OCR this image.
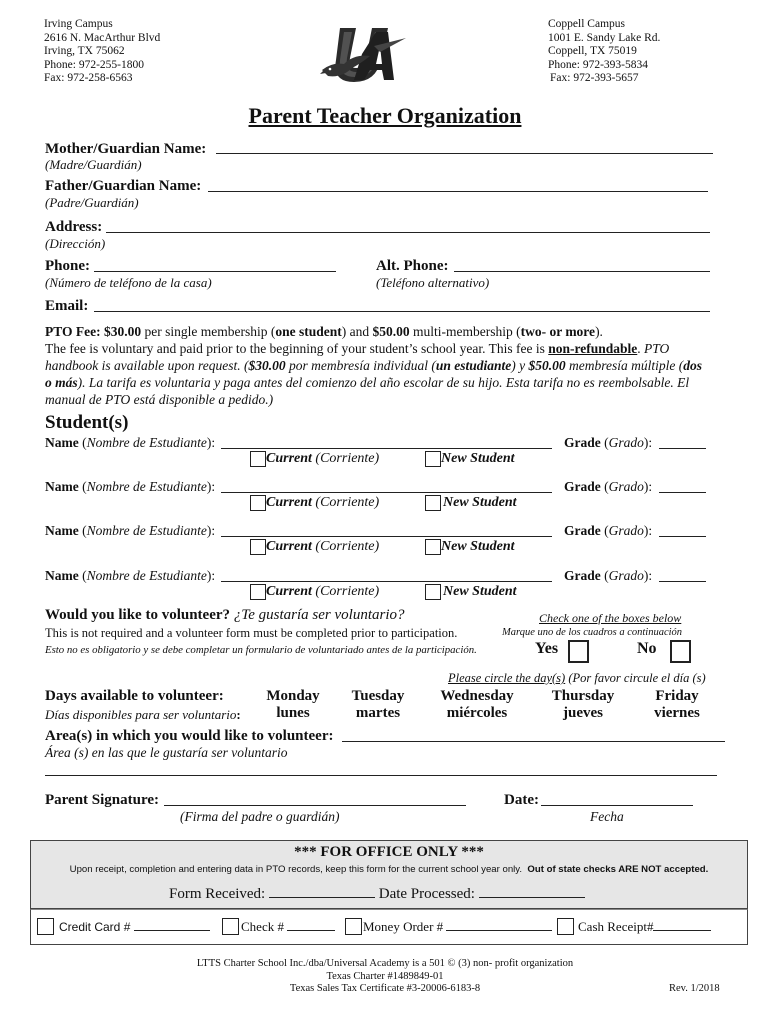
Irving Campus
2616 N. MacArthur Blvd
Irving, TX 75062
Phone: 972-255-1800
Fax: 972-258-6563
Coppell Campus
1001 E. Sandy Lake Rd.
Coppell, TX 75019
Phone: 972-393-5834
Fax: 972-393-5657
Parent Teacher Organization
Mother/Guardian Name:
(Madre/Guardián)
Father/Guardian Name:
(Padre/Guardián)
Address:
(Dirección)
Phone:
(Número de teléfono de la casa)
Alt. Phone:
(Teléfono alternativo)
Email:
PTO Fee: $30.00 per single membership (one student) and $50.00 multi-membership (two- or more).
The fee is voluntary and paid prior to the beginning of your student’s school year. This fee is non-refundable. PTO
handbook is available upon request. ($30.00 por membresía individual (un estudiante) y $50.00 membresía múltiple (dos
o más). La tarifa es voluntaria y paga antes del comienzo del año escolar de su hijo. Esta tarifa no es reembolsable. El
manual de PTO está disponible a pedido.)
Student(s)
Name (Nombre de Estudiante):	Grade (Grado):
Current (Corriente)	New Student
Name (Nombre de Estudiante):	Grade (Grado):
Current (Corriente)	New Student
Name (Nombre de Estudiante):	Grade (Grado):
Current (Corriente)	New Student
Name (Nombre de Estudiante):	Grade (Grado):
Current (Corriente)	New Student
Would you like to volunteer? ¿Te gustaría ser voluntario?	Check one of the boxes below
This is not required and a volunteer form must be completed prior to participation.	Marque uno de los cuadros a continuación
Esto no es obligatorio y se debe completar un formulario de voluntariado antes de la participación.	Yes	No
Please circle the day(s) (Por favor circule el día (s)
Days available to volunteer:
Días disponibles para ser voluntario:
Monday
lunes
Tuesday
martes
Wednesday
miércoles
Thursday
jueves
Friday
viernes
Area(s) in which you would like to volunteer:
Área (s) en las que le gustaría ser voluntario
Parent Signature:
(Firma del padre o guardián)
Date:
Fecha
*** FOR OFFICE ONLY ***
Upon receipt, completion and entering data in PTO records, keep this form for the current school year only. Out of state checks ARE NOT accepted.
Form Received:	Date Processed:
Credit Card #	Check #	Money Order #	Cash Receipt#
LTTS Charter School Inc./dba/Universal Academy is a 501 © (3) non- profit organization
Texas Charter #1489849-01
Texas Sales Tax Certificate #3-20006-6183-8	Rev. 1/2018
